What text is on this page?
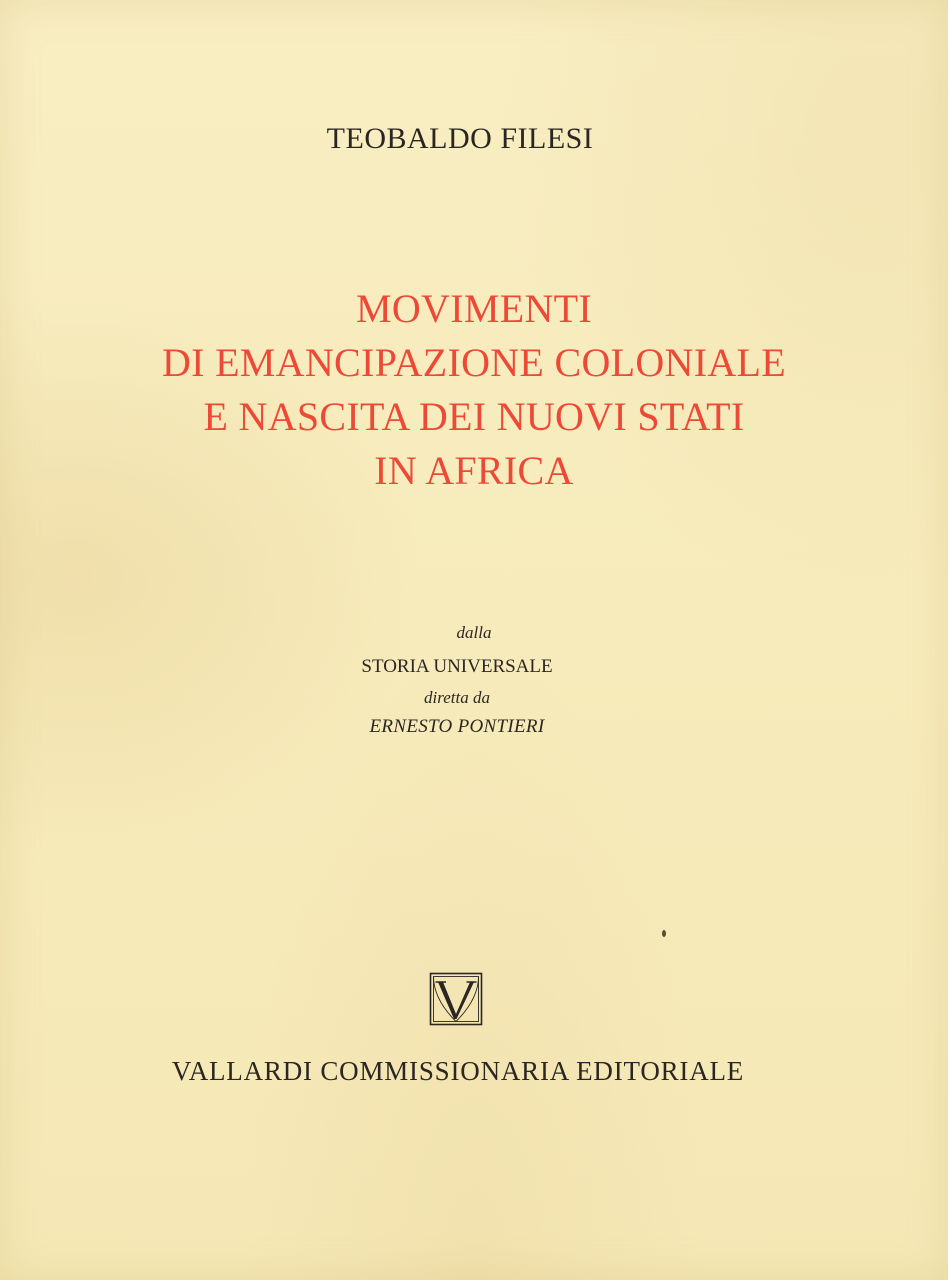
TEOBALDO FILESI
MOVIMENTI
DI EMANCIPAZIONE COLONIALE
E NASCITA DEI NUOVI STATI
IN AFRICA
dalla
STORIA UNIVERSALE
diretta da
ERNESTO PONTIERI
VALLARDI COMMISSIONARIA EDITORIALE
